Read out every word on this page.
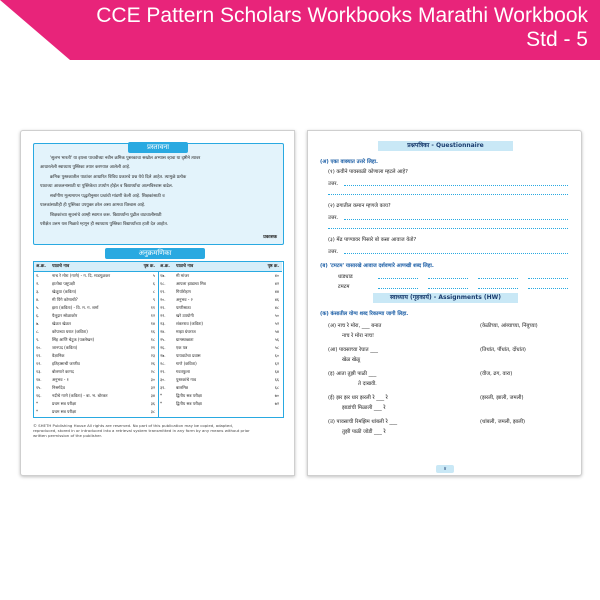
CCE Pattern Scholars Workbooks Marathi Workbook
Std - 5
प्रस्तावना

'सुलभ भारती' या इयत्ता पाचवीच्या नवीन क्रमिक पुस्तकाचा सखोल अभ्यास व्हावा या दृष्टीने त्यावर

आधारलेली स्वाध्याय पुस्तिका तयार करण्यात आलेली आहे.

क्रमिक पुस्तकातील पाठांवर आधारित विविध प्रकारचे प्रश्न येथे दिले आहेत. त्यामुळे प्रत्येक

पाठाच्या आकलनासाठी या पुस्तिकेचा उपयोग होईल व विद्यार्थ्यांचा आत्मविश्वास वाढेल.

सर्वांगीण मूल्यमापन पद्धतीनुसार प्रश्नांची मांडणी केली आहे. शिक्षकांसाठी व

पालकांसाठीही ही पुस्तिका उपयुक्त ठरेल असा आमचा विश्वास आहे.

शिक्षकांच्या सूचनांचे आम्ही स्वागत करू. विद्यार्थ्यांना पुढील वाटचालीसाठी

परीक्षेत उत्तम यश मिळावे म्हणून ही स्वाध्याय पुस्तिका विद्यार्थ्यांच्या हाती देत आहोत.

प्रकाशक
अनुक्रमणिका
अ.क्र.	पाठाचे नाव	पृष्ठ क्र.
१.	नाच रे मोरा (गाणे) - ग. दि. माडगूळकर	५
२.	हातोबा पशुपक्षी	६
३.	खेळूया (कविता)	८
४.	मी पिंगे कोणाची?	९
५.	झरा (कविता) - वि. म. ग. शर्मा	११
६.	पैलूदार सोळाकोर	१२
७.	खेळत खेळत	१४
८.	कोपाच्या घरात (कविता)	१६
९.	सिंह आणि चेटूक (पत्रलेखन)	१८
१०.	जानपद (कविता)	२१
११.	वैज्ञानिक	२३
१२.	इतिहासाची जाणीव	२६
१३.	बोलणारे कागद	२८
१४.	अनुभव - १	३०
१५.	निसर्गदेव	३२
१६.	नदीचे गाणे (कविता) - बा. भ. बोरकर	३४
*	प्रथम सत्र परीक्षा	३६
*	प्रथम सत्र परीक्षा	३८
अ.क्र.	पाठाचे नाव	पृष्ठ क्र.
१७.	मी मांजर	४०
१८.	आपला झाडाचा मित्र	४२
१९.	गिर्यारोहण	४४
२०.	अनुभव - २	४६
२१.	पाणीसाठा	४८
२२.	खरे उपयोगी	५०
२३.	शंकरराव (कविता)	५२
२४.	माझा ग्रंथराज	५४
२५.	ग्रामस्वच्छता	५६
२६.	एक पत्र	५८
२७.	पायवाटेचा प्रवास	६०
२८.	गाणे (कविता)	६२
२९.	गवतफुला	६४
३०.	पुस्तकांचे गाव	६६
३१.	बालमित्र	६८
*	द्वितीय सत्र परीक्षा	७०
*	द्वितीय सत्र परीक्षा	७२

© SHETH Publishing House All rights are reserved. No part of this publication may be copied, adapted,

reproduced, stored in or introduced into a retrieval system transmitted in any form by any means without prior

written permission of the publisher.

प्रश्नपत्रिका - Questionnaire
(अ) एका वाक्यात उत्तरे लिहा.
(१) कवीने पावसाळी कोणाला म्हटले आहे?
उत्तर.
(२) ढगातील कमान म्हणजे काय?
उत्तर.
(३) मेंढ पाण्यावर पिसारे बो कसा आवाज येतो?
उत्तर.
(ब) 'टमटम' यासारखे आवाज दर्शवणारे आणखी शब्द लिहा.
धाडधाड
टमटम
स्वाध्याय (गृहकार्य) - Assignments (HW)
(क) कंसातील योग्य शब्द रिकाम्या जागी लिहा.
(अ) नाच रे मोरा, ___ बनात	(केळीच्या, आंब्याच्या, निंबूच्या)
नाच रे मोरा नाच!
(आ) पावसाच्या रेघात ___	(तिथांत, पौंधांत, दोंधांत)
खेळ खेळू
(इ) आता तुझी पाळी ___	(वीज, ढग, वारा)
ते दाखवी.
(ई) झर झर धार झरली रे ___ रे	(झरली, झाली, जमली)
झाडांची मिळाली ___ रे
(उ) पावसाची रिमझिम थांबली रे ___	(थांबली, जमली, झाली)
तुझी पाळी जोडी ___ रे
४
